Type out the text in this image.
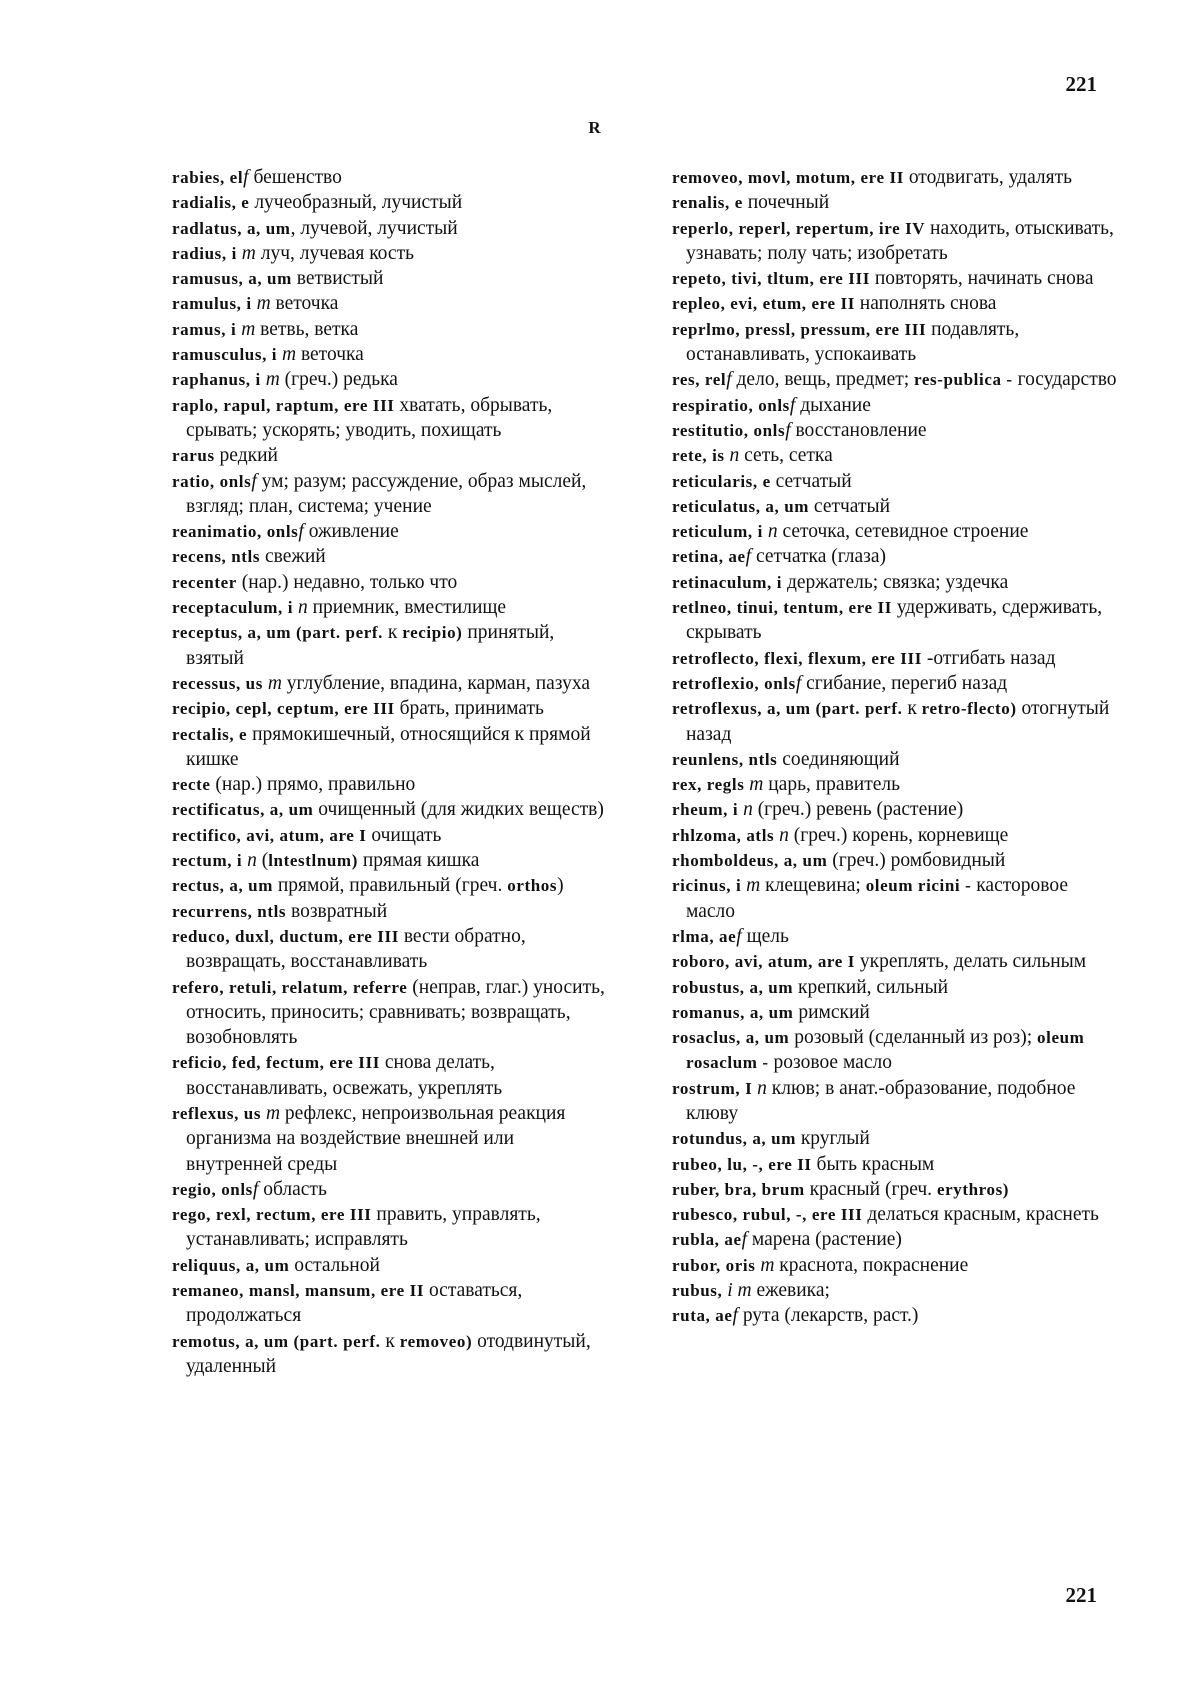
221
R

rabies, elf бешенство

radialis, e лучеобразный, лучистый

radlatus, a, um, лучевой, лучистый

radius, i m луч, лучевая кость

ramusus, a, um ветвистый

ramulus, i m веточка

ramus, i m ветвь, ветка

ramusculus, i m веточка

raphanus, i m (греч.) редька

raplo, rapul, raptum, ere III хватать, обрывать, срывать; ускорять; уводить, похищать

rarus редкий

ratio, onlsf ум; разум; рассуждение, образ мыслей, взгляд; план, система; учение

reanimatio, onlsf оживление

recens, ntls свежий

recenter (нар.) недавно, только что

receptaculum, i n приемник, вместилище

receptus, a, um (part. perf. к recipio) принятый, взятый

recessus, us m углубление, впадина, карман, пазуха

recipio, cepl, ceptum, ere III брать, принимать

rectalis, e прямокишечный, относящийся к прямой кишке

recte (нар.) прямо, правильно

rectificatus, a, um очищенный (для жидких веществ)

rectifico, avi, atum, are I очищать

rectum, i n (lntestlnum) прямая кишка

rectus, a, um прямой, правильный (греч. orthos)

recurrens, ntls возвратный

reduco, duxl, ductum, ere III вести обратно, возвращать, восстанавливать

refero, retuli, relatum, referre (неправ, глаг.) уносить, относить, приносить; сравнивать; возвращать, возобновлять

reficio, fed, fectum, ere III снова делать, восстанавливать, освежать, укреплять

reflexus, us m рефлекс, непроизвольная реакция организма на воздействие внешней или внутренней среды

regio, onlsf область

rego, rexl, rectum, ere III править, управлять, устанавливать; исправлять

reliquus, a, um остальной

remaneo, mansl, mansum, ere II оставаться, продолжаться

remotus, a, um (part. perf. к removeo) отодвинутый, удаленный

removeo, movl, motum, ere II отодвигать, удалять

renalis, e почечный

reperlo, reperl, repertum, ire IV находить, отыскивать, узнавать; полу чать; изобретать

repeto, tivi, tltum, ere III повторять, начинать снова

repleo, evi, etum, ere II наполнять снова

reprlmo, pressl, pressum, ere III подавлять, останавливать, успокаивать

res, relf дело, вещь, предмет; res-publica - государство

respiratio, onlsf дыхание

restitutio, onlsf восстановление

rete, is n сеть, сетка

reticularis, e сетчатый

reticulatus, a, um сетчатый

reticulum, i n сеточка, сетевидное строение

retina, aef сетчатка (глаза)

retinaculum, i держатель; связка; уздечка

retlneo, tinui, tentum, ere II удерживать, сдерживать, скрывать

retroflecto, flexi, flexum, ere III -отгибать назад

retroflexio, onlsf сгибание, перегиб назад

retroflexus, a, um (part. perf. к retro-flecto) отогнутый назад

reunlens, ntls соединяющий

rex, regls m царь, правитель

rheum, i n (греч.) ревень (растение)

rhlzoma, atls n (греч.) корень, корневище

rhomboldeus, a, um (греч.) ромбовидный

ricinus, i m клещевина; oleum ricini - касторовое масло

rlma, aef щель

roboro, avi, atum, are I укреплять, делать сильным

robustus, a, um крепкий, сильный

romanus, a, um римский

rosaclus, a, um розовый (сделанный из роз); oleum rosaclum - розовое масло

rostrum, I n клюв; в анат.-образование, подобное клюву

rotundus, a, um круглый

rubeo, lu, -, ere II быть красным

ruber, bra, brum красный (греч. erythros)

rubesco, rubul, -, ere III делаться красным, краснеть

rubla, aef марена (растение)

rubor, oris m краснота, покраснение

rubus, i m ежевика;

ruta, aef рута (лекарств, раст.)

221
